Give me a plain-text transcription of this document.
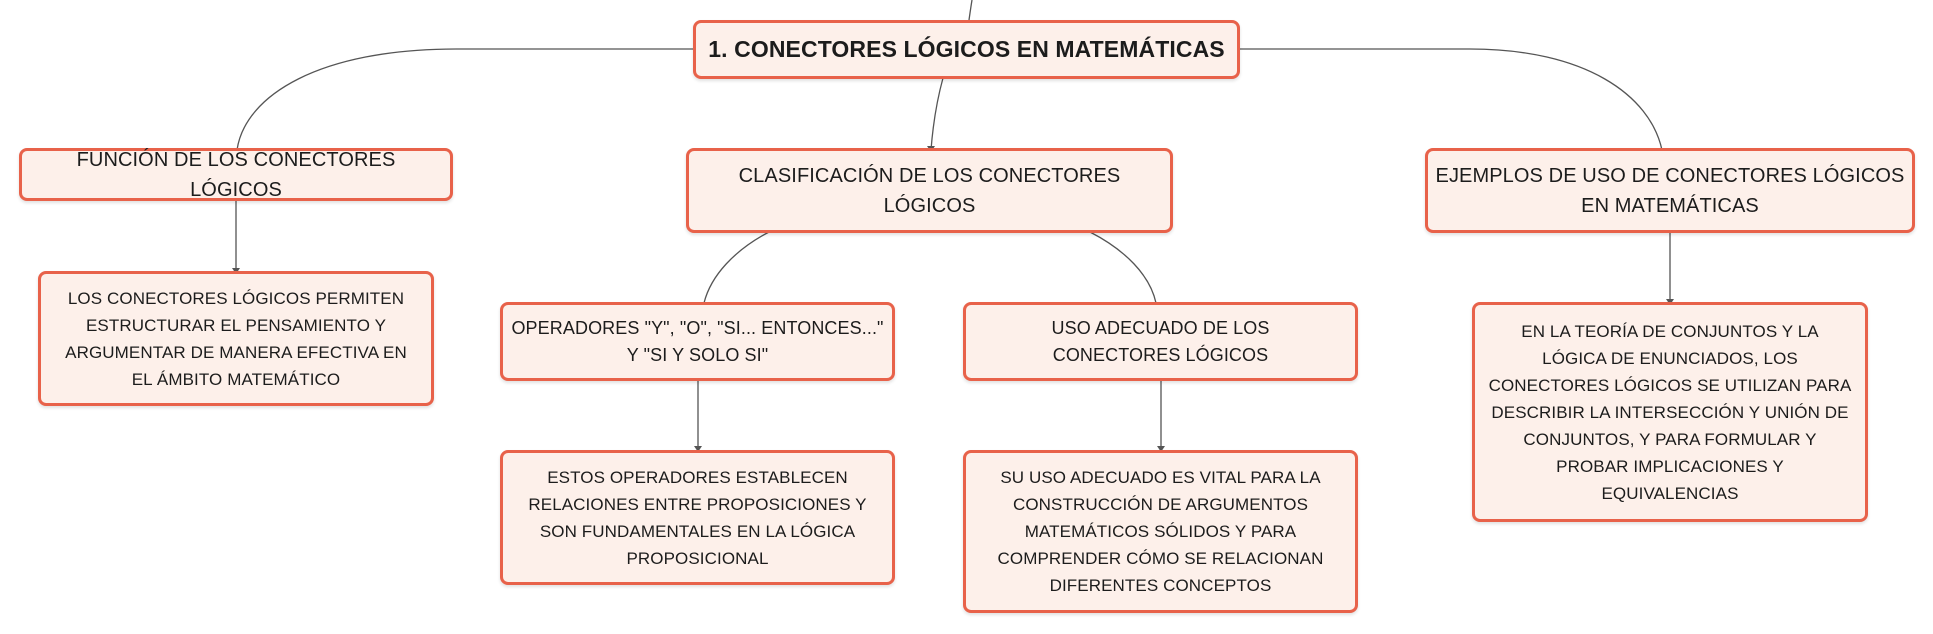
1. CONECTORES LÓGICOS EN MATEMÁTICAS
FUNCIÓN DE LOS CONECTORES LÓGICOS
LOS CONECTORES LÓGICOS PERMITEN ESTRUCTURAR EL PENSAMIENTO Y ARGUMENTAR DE MANERA EFECTIVA EN EL ÁMBITO MATEMÁTICO
CLASIFICACIÓN DE LOS CONECTORES LÓGICOS
OPERADORES "Y", "O", "SI... ENTONCES..." Y "SI Y SOLO SI"
ESTOS OPERADORES ESTABLECEN RELACIONES ENTRE PROPOSICIONES Y SON FUNDAMENTALES EN LA LÓGICA PROPOSICIONAL
USO ADECUADO DE LOS CONECTORES LÓGICOS
SU USO ADECUADO ES VITAL PARA LA CONSTRUCCIÓN DE ARGUMENTOS MATEMÁTICOS SÓLIDOS Y PARA COMPRENDER CÓMO SE RELACIONAN DIFERENTES CONCEPTOS
EJEMPLOS DE USO DE CONECTORES LÓGICOS EN MATEMÁTICAS
EN LA TEORÍA DE CONJUNTOS Y LA LÓGICA DE ENUNCIADOS, LOS CONECTORES LÓGICOS SE UTILIZAN PARA DESCRIBIR LA INTERSECCIÓN Y UNIÓN DE CONJUNTOS, Y PARA FORMULAR Y PROBAR IMPLICACIONES Y EQUIVALENCIAS
